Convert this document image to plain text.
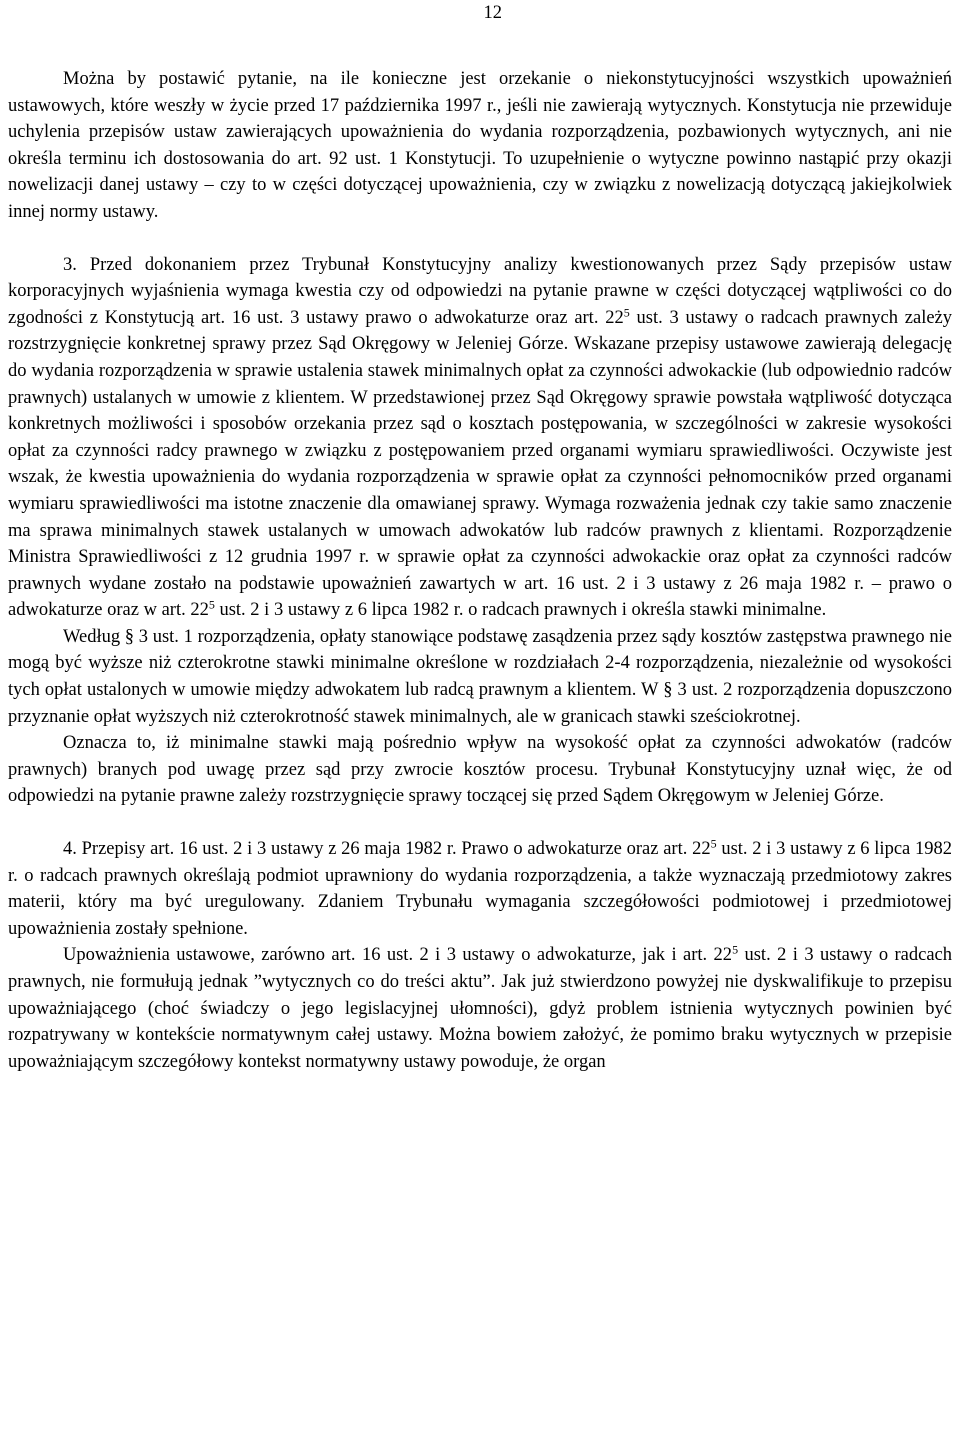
12

Można by postawić pytanie, na ile konieczne jest orzekanie o niekonstytucyjności wszystkich upoważnień ustawowych, które weszły w życie przed 17 października 1997 r., jeśli nie zawierają wytycznych. Konstytucja nie przewiduje uchylenia przepisów ustaw zawierających upoważnienia do wydania rozporządzenia, pozbawionych wytycznych, ani nie określa terminu ich dostosowania do art. 92 ust. 1 Konstytucji. To uzupełnienie o wytyczne powinno nastąpić przy okazji nowelizacji danej ustawy – czy to w części dotyczącej upoważnienia, czy w związku z nowelizacją dotyczącą jakiejkolwiek innej normy ustawy.

3. Przed dokonaniem przez Trybunał Konstytucyjny analizy kwestionowanych przez Sądy przepisów ustaw korporacyjnych wyjaśnienia wymaga kwestia czy od odpowiedzi na pytanie prawne w części dotyczącej wątpliwości co do zgodności z Konstytucją art. 16 ust. 3 ustawy prawo o adwokaturze oraz art. $22^5$ ust. 3 ustawy o radcach prawnych zależy rozstrzygnięcie konkretnej sprawy przez Sąd Okręgowy w Jeleniej Górze. Wskazane przepisy ustawowe zawierają delegację do wydania rozporządzenia w sprawie ustalenia stawek minimalnych opłat za czynności adwokackie (lub odpowiednio radców prawnych) ustalanych w umowie z klientem. W przedstawionej przez Sąd Okręgowy sprawie powstała wątpliwość dotycząca konkretnych możliwości i sposobów orzekania przez sąd o kosztach postępowania, w szczególności w zakresie wysokości opłat za czynności radcy prawnego w związku z postępowaniem przed organami wymiaru sprawiedliwości. Oczywiste jest wszak, że kwestia upoważnienia do wydania rozporządzenia w sprawie opłat za czynności pełnomocników przed organami wymiaru sprawiedliwości ma istotne znaczenie dla omawianej sprawy. Wymaga rozważenia jednak czy takie samo znaczenie ma sprawa minimalnych stawek ustalanych w umowach adwokatów lub radców prawnych z klientami. Rozporządzenie Ministra Sprawiedliwości z 12 grudnia 1997 r. w sprawie opłat za czynności adwokackie oraz opłat za czynności radców prawnych wydane zostało na podstawie upoważnień zawartych w art. 16 ust. 2 i 3 ustawy z 26 maja 1982 r. – prawo o adwokaturze oraz w art. $22^5$ ust. 2 i 3 ustawy z 6 lipca 1982 r. o radcach prawnych i określa stawki minimalne.

Według § 3 ust. 1 rozporządzenia, opłaty stanowiące podstawę zasądzenia przez sądy kosztów zastępstwa prawnego nie mogą być wyższe niż czterokrotne stawki minimalne określone w rozdziałach 2-4 rozporządzenia, niezależnie od wysokości tych opłat ustalonych w umowie między adwokatem lub radcą prawnym a klientem. W § 3 ust. 2 rozporządzenia dopuszczono przyznanie opłat wyższych niż czterokrotność stawek minimalnych, ale w granicach stawki sześciokrotnej.

Oznacza to, iż minimalne stawki mają pośrednio wpływ na wysokość opłat za czynności adwokatów (radców prawnych) branych pod uwagę przez sąd przy zwrocie kosztów procesu. Trybunał Konstytucyjny uznał więc, że od odpowiedzi na pytanie prawne zależy rozstrzygnięcie sprawy toczącej się przed Sądem Okręgowym w Jeleniej Górze.

4. Przepisy art. 16 ust. 2 i 3 ustawy z 26 maja 1982 r. Prawo o adwokaturze oraz art. $22^5$ ust. 2 i 3 ustawy z 6 lipca 1982 r. o radcach prawnych określają podmiot uprawniony do wydania rozporządzenia, a także wyznaczają przedmiotowy zakres materii, który ma być uregulowany. Zdaniem Trybunału wymagania szczegółowości podmiotowej i przedmiotowej upoważnienia zostały spełnione.

Upoważnienia ustawowe, zarówno art. 16 ust. 2 i 3 ustawy o adwokaturze, jak i art. $22^5$ ust. 2 i 3 ustawy o radcach prawnych, nie formułują jednak ”wytycznych co do treści aktu”. Jak już stwierdzono powyżej nie dyskwalifikuje to przepisu upoważniającego (choć świadczy o jego legislacyjnej ułomności), gdyż problem istnienia wytycznych powinien być rozpatrywany w kontekście normatywnym całej ustawy. Można bowiem założyć, że pomimo braku wytycznych w przepisie upoważniającym szczegółowy kontekst normatywny ustawy powoduje, że organ
